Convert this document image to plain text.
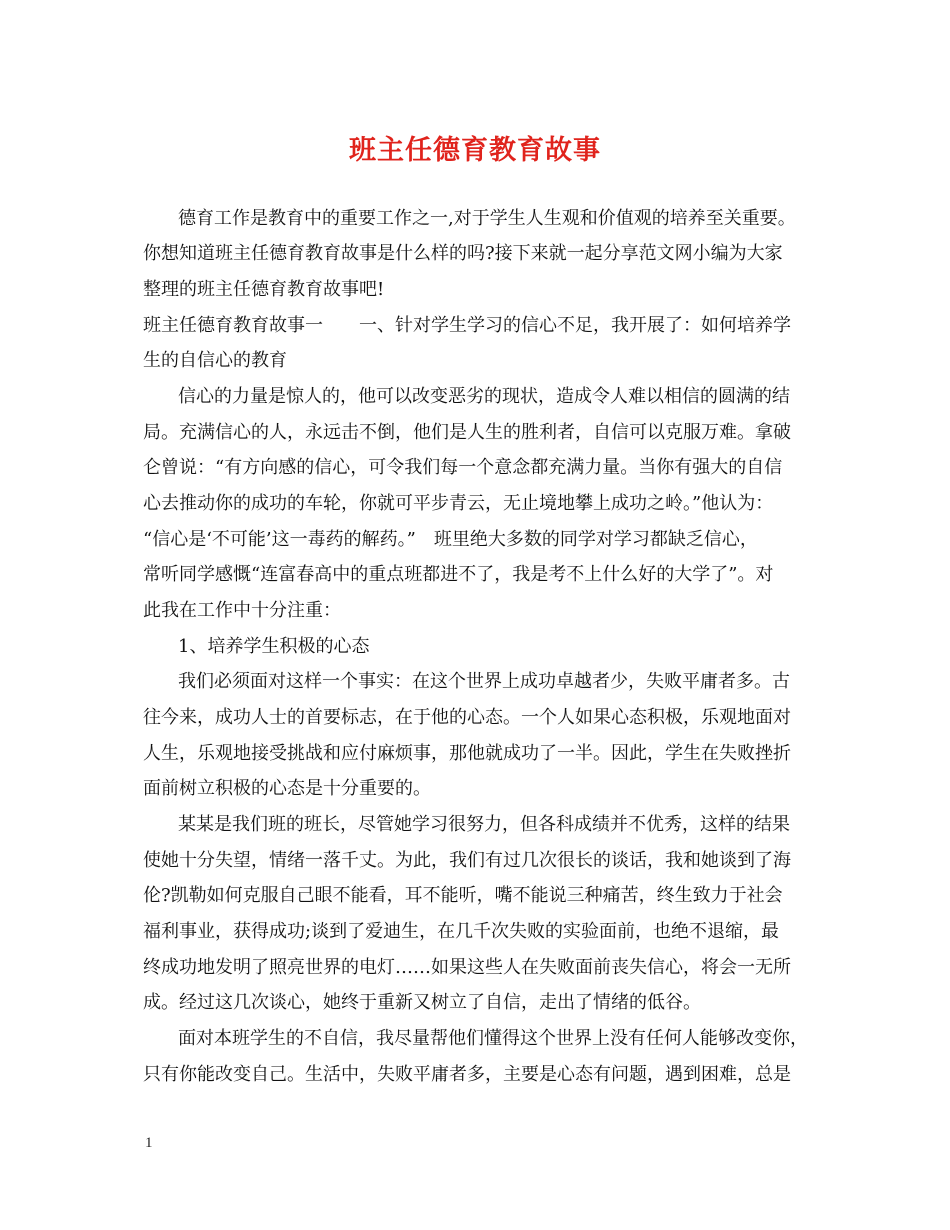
班主任德育教育故事
德育工作是教育中的重要工作之一,对于学生人生观和价值观的培养至关重要。
你想知道班主任德育教育故事是什么样的吗?接下来就一起分享范文网小编为大家
整理的班主任德育教育故事吧!
班主任德育教育故事一　　一、针对学生学习的信心不足，我开展了：如何培养学
生的自信心的教育
信心的力量是惊人的，他可以改变恶劣的现状，造成令人难以相信的圆满的结
局。充满信心的人，永远击不倒，他们是人生的胜利者，自信可以克服万难。拿破
仑曾说：“有方向感的信心，可令我们每一个意念都充满力量。当你有强大的自信
心去推动你的成功的车轮，你就可平步青云，无止境地攀上成功之岭。”他认为：
“信心是‘不可能’这一毒药的解药。”　班里绝大多数的同学对学习都缺乏信心，
常听同学感慨“连富春高中的重点班都进不了，我是考不上什么好的大学了”。对
此我在工作中十分注重：
1、培养学生积极的心态
我们必须面对这样一个事实：在这个世界上成功卓越者少，失败平庸者多。古
往今来，成功人士的首要标志，在于他的心态。一个人如果心态积极，乐观地面对
人生，乐观地接受挑战和应付麻烦事，那他就成功了一半。因此，学生在失败挫折
面前树立积极的心态是十分重要的。
某某是我们班的班长，尽管她学习很努力，但各科成绩并不优秀，这样的结果
使她十分失望，情绪一落千丈。为此，我们有过几次很长的谈话，我和她谈到了海
伦?凯勒如何克服自己眼不能看，耳不能听，嘴不能说三种痛苦，终生致力于社会
福利事业，获得成功;谈到了爱迪生，在几千次失败的实验面前，也绝不退缩，最
终成功地发明了照亮世界的电灯……如果这些人在失败面前丧失信心，将会一无所
成。经过这几次谈心，她终于重新又树立了自信，走出了情绪的低谷。
面对本班学生的不自信，我尽量帮他们懂得这个世界上没有任何人能够改变你，
只有你能改变自己。生活中，失败平庸者多，主要是心态有问题，遇到困难，总是
1
